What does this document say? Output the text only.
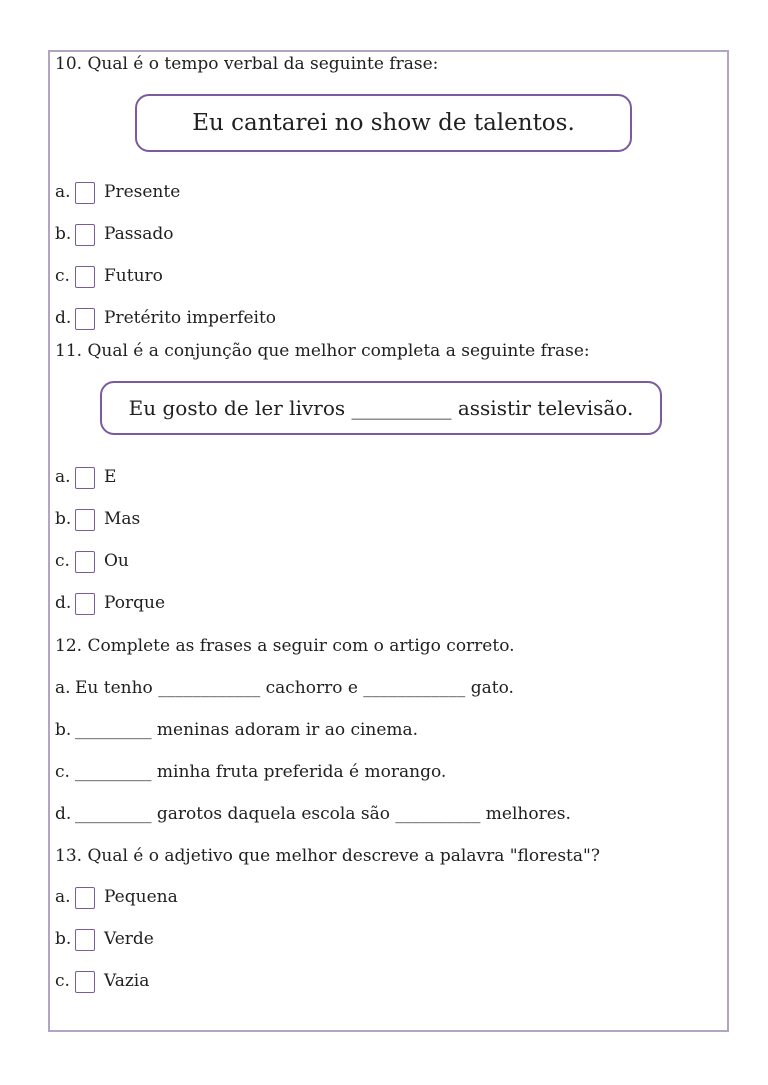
10. Qual é o tempo verbal da seguinte frase:
Eu cantarei no show de talentos.
a. Presente
b. Passado
c. Futuro
d. Pretérito imperfeito
11. Qual é a conjunção que melhor completa a seguinte frase:
Eu gosto de ler livros __________ assistir televisão.
a. E
b. Mas
c. Ou
d. Porque
12. Complete as frases a seguir com o artigo correto.
a. Eu tenho ____________ cachorro e ____________ gato.
b. _________ meninas adoram ir ao cinema.
c. _________ minha fruta preferida é morango.
d. _________ garotos daquela escola são __________ melhores.
13. Qual é o adjetivo que melhor descreve a palavra "floresta"?
a. Pequena
b. Verde
c. Vazia
